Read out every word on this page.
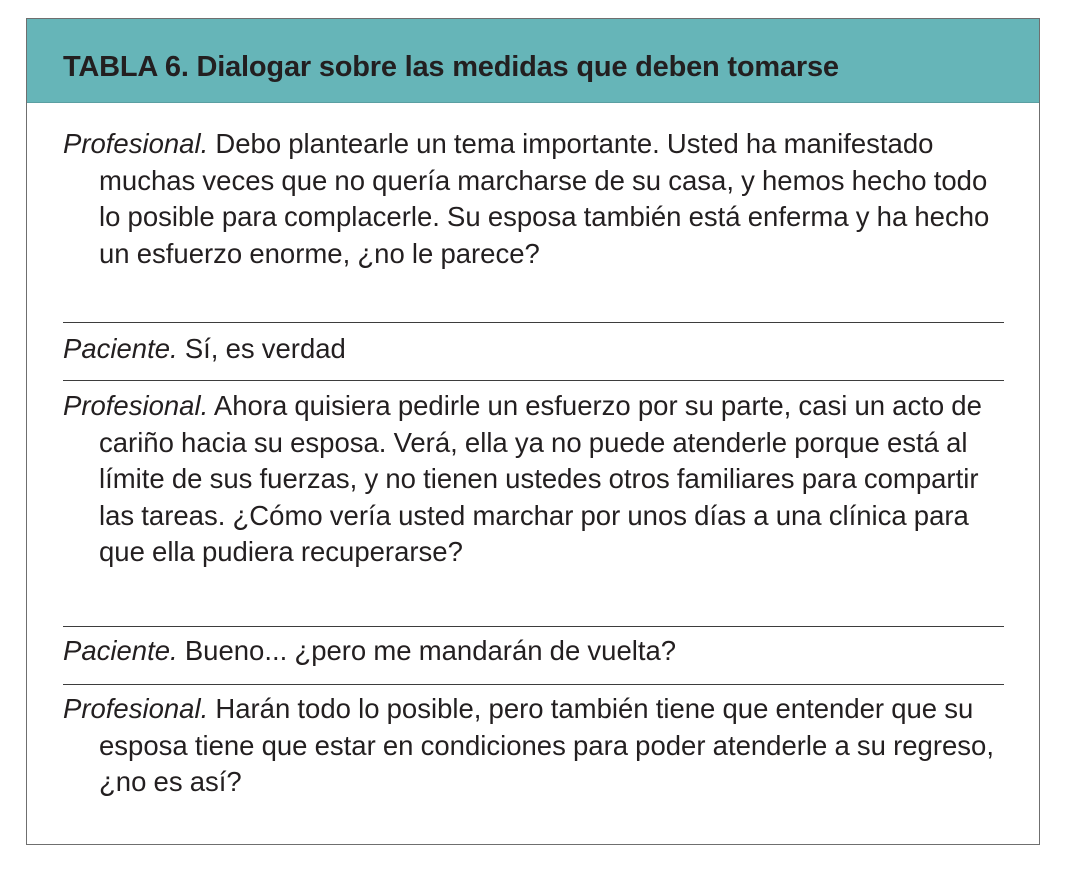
TABLA 6. Dialogar sobre las medidas que deben tomarse
Profesional. Debo plantearle un tema importante. Usted ha manifestado muchas veces que no quería marcharse de su casa, y hemos hecho todo lo posible para complacerle. Su esposa también está enferma y ha hecho un esfuerzo enorme, ¿no le parece?
Paciente. Sí, es verdad
Profesional. Ahora quisiera pedirle un esfuerzo por su parte, casi un acto de cariño hacia su esposa. Verá, ella ya no puede atenderle porque está al límite de sus fuerzas, y no tienen ustedes otros familiares para compartir las tareas. ¿Cómo vería usted marchar por unos días a una clínica para que ella pudiera recuperarse?
Paciente. Bueno... ¿pero me mandarán de vuelta?
Profesional. Harán todo lo posible, pero también tiene que entender que su esposa tiene que estar en condiciones para poder atenderle a su regreso, ¿no es así?
